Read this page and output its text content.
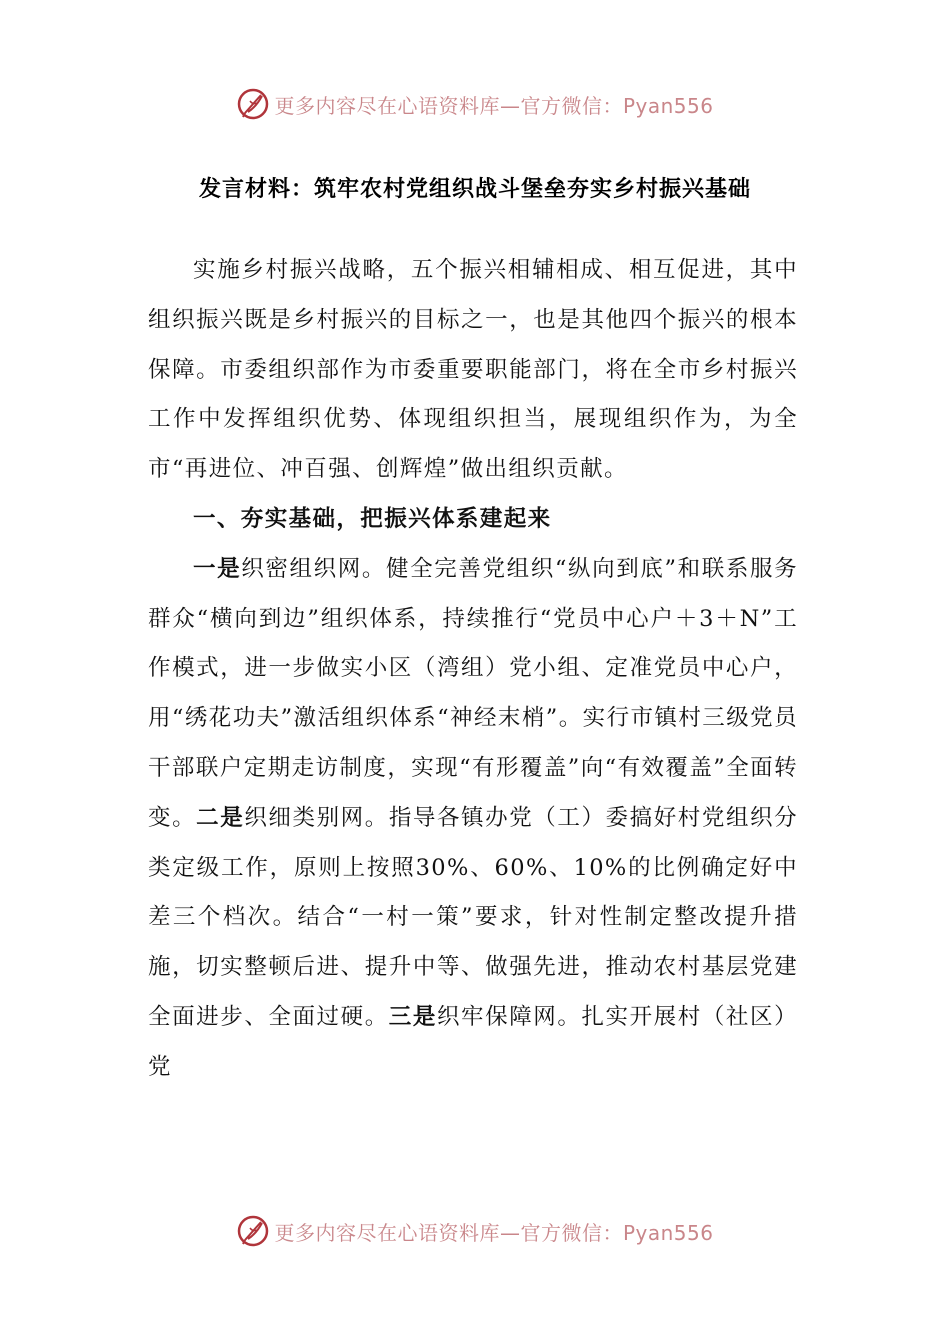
更多内容尽在心语资料库—官方微信：Pyan556
发言材料：筑牢农村党组织战斗堡垒夯实乡村振兴基础

实施乡村振兴战略，五个振兴相辅相成、相互促进，其中组织振兴既是乡村振兴的目标之一，也是其他四个振兴的根本保障。市委组织部作为市委重要职能部门，将在全市乡村振兴工作中发挥组织优势、体现组织担当，展现组织作为，为全市“再进位、冲百强、创辉煌”做出组织贡献。

一、夯实基础，把振兴体系建起来

一是织密组织网。健全完善党组织“纵向到底”和联系服务群众“横向到边”组织体系，持续推行“党员中心户＋3＋N”工作模式，进一步做实小区（湾组）党小组、定准党员中心户，用“绣花功夫”激活组织体系“神经末梢”。实行市镇村三级党员干部联户定期走访制度，实现“有形覆盖”向“有效覆盖”全面转变。二是织细类别网。指导各镇办党（工）委搞好村党组织分类定级工作，原则上按照30%、60%、10%的比例确定好中差三个档次。结合“一村一策”要求，针对性制定整改提升措施，切实整顿后进、提升中等、做强先进，推动农村基层党建全面进步、全面过硬。三是织牢保障网。扎实开展村（社区）党

更多内容尽在心语资料库—官方微信：Pyan556
